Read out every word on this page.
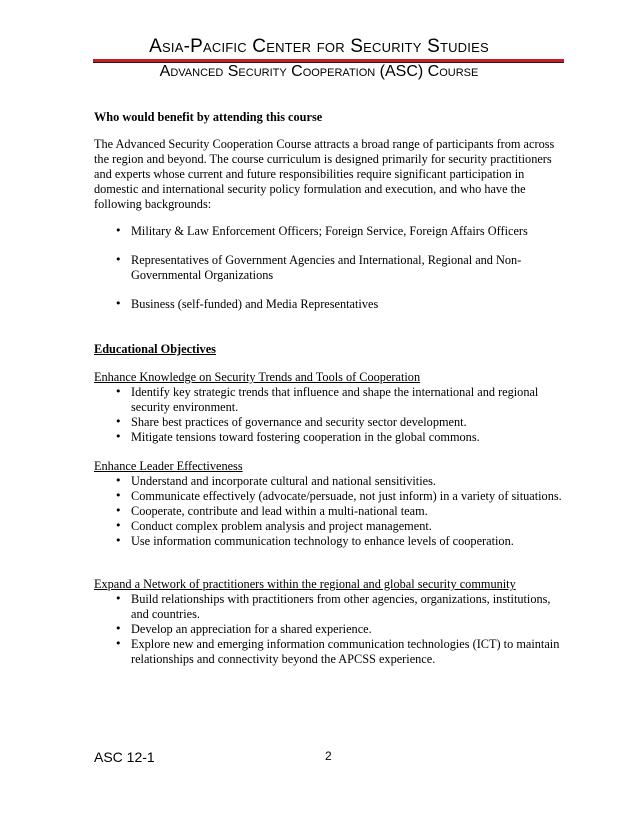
Asia-Pacific Center for Security Studies
Advanced Security Cooperation (ASC) Course
Who would benefit by attending this course
The Advanced Security Cooperation Course attracts a broad range of participants from across the region and beyond. The course curriculum is designed primarily for security practitioners and experts whose current and future responsibilities require significant participation in domestic and international security policy formulation and execution, and who have the following backgrounds:
• Military & Law Enforcement Officers; Foreign Service, Foreign Affairs Officers
• Representatives of Government Agencies and International, Regional and Non-Governmental Organizations
• Business (self-funded) and Media Representatives
Educational Objectives
Enhance Knowledge on Security Trends and Tools of Cooperation
• Identify key strategic trends that influence and shape the international and regional security environment.
• Share best practices of governance and security sector development.
• Mitigate tensions toward fostering cooperation in the global commons.
Enhance Leader Effectiveness
• Understand and incorporate cultural and national sensitivities.
• Communicate effectively (advocate/persuade, not just inform) in a variety of situations.
• Cooperate, contribute and lead within a multi-national team.
• Conduct complex problem analysis and project management.
• Use information communication technology to enhance levels of cooperation.
Expand a Network of practitioners within the regional and global security community
• Build relationships with practitioners from other agencies, organizations, institutions, and countries.
• Develop an appreciation for a shared experience.
• Explore new and emerging information communication technologies (ICT) to maintain relationships and connectivity beyond the APCSS experience.
ASC 12-1	2
